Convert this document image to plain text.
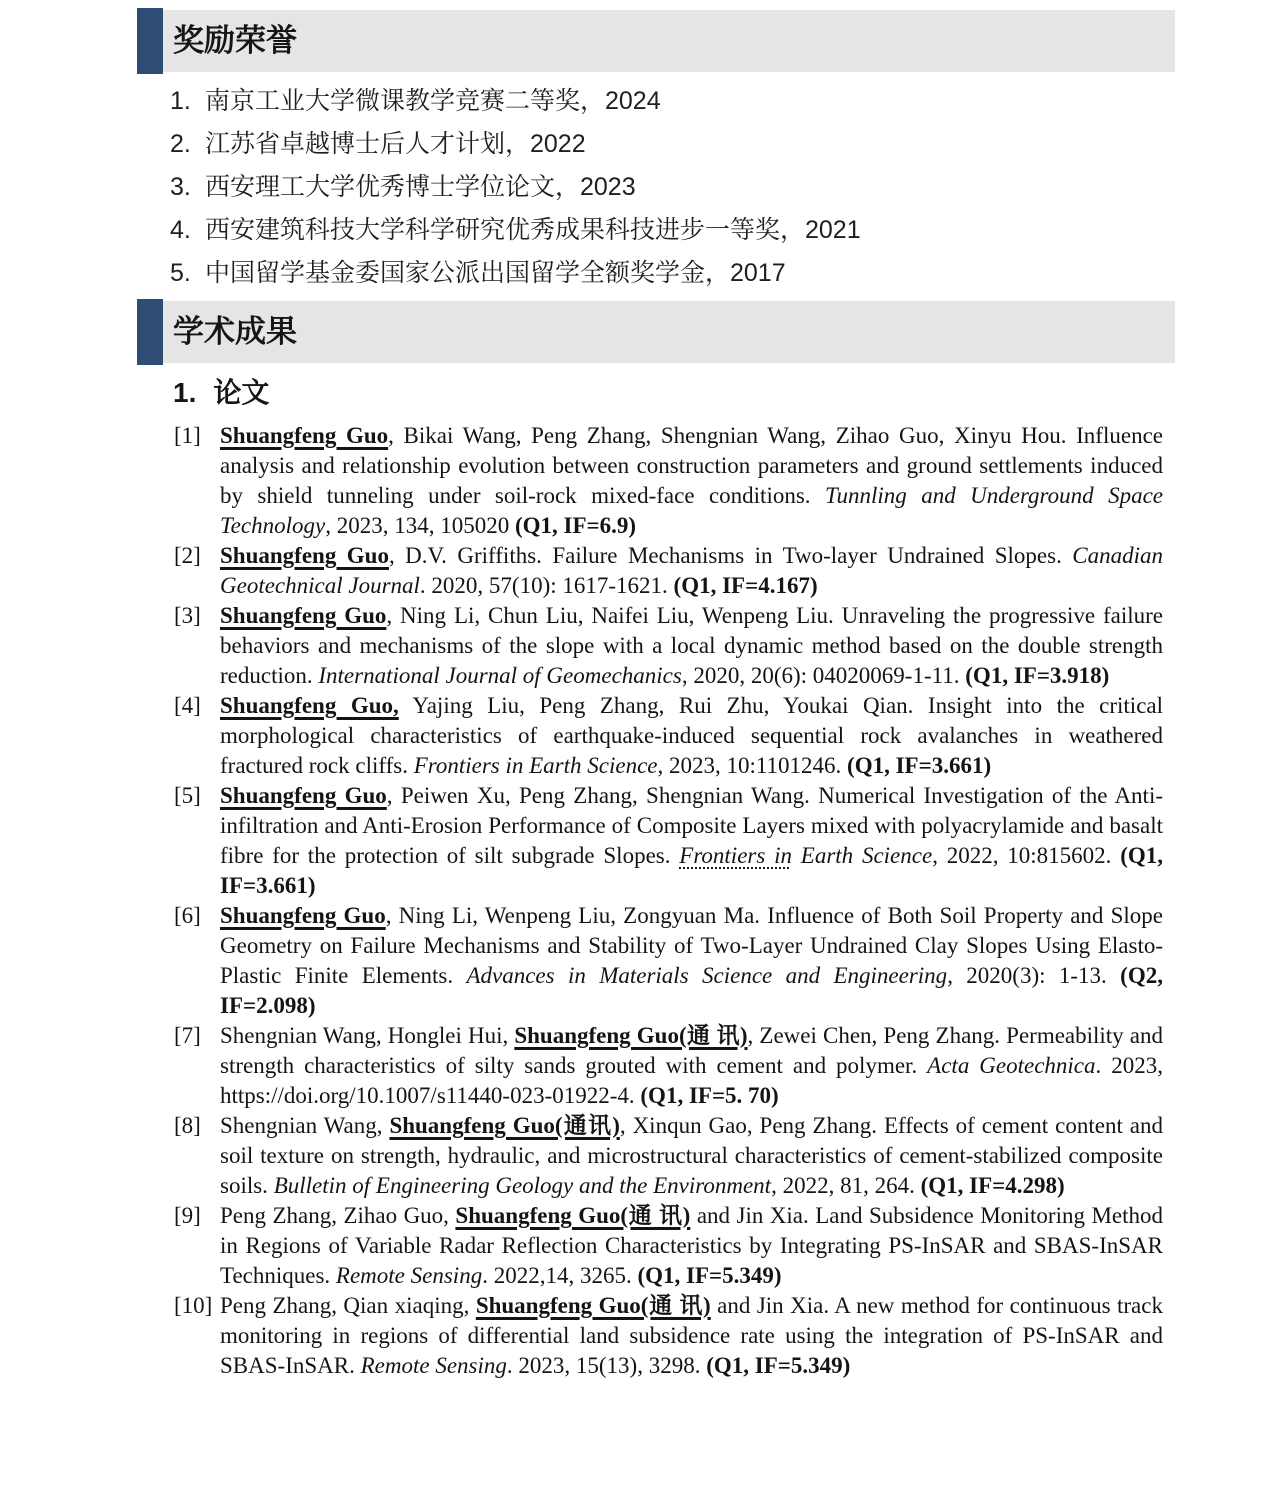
奖励荣誉
1. 南京工业大学微课教学竞赛二等奖，2024
2. 江苏省卓越博士后人才计划，2022
3. 西安理工大学优秀博士学位论文，2023
4. 西安建筑科技大学科学研究优秀成果科技进步一等奖，2021
5. 中国留学基金委国家公派出国留学全额奖学金，2017
学术成果
1. 论文
[1] Shuangfeng Guo, Bikai Wang, Peng Zhang, Shengnian Wang, Zihao Guo, Xinyu Hou. Influence analysis and relationship evolution between construction parameters and ground settlements induced by shield tunneling under soil-rock mixed-face conditions. Tunnling and Underground Space Technology, 2023, 134, 105020 (Q1, IF=6.9)
[2] Shuangfeng Guo, D.V. Griffiths. Failure Mechanisms in Two-layer Undrained Slopes. Canadian Geotechnical Journal. 2020, 57(10): 1617-1621. (Q1, IF=4.167)
[3] Shuangfeng Guo, Ning Li, Chun Liu, Naifei Liu, Wenpeng Liu. Unraveling the progressive failure behaviors and mechanisms of the slope with a local dynamic method based on the double strength reduction. International Journal of Geomechanics, 2020, 20(6): 04020069-1-11. (Q1, IF=3.918)
[4] Shuangfeng Guo, Yajing Liu, Peng Zhang, Rui Zhu, Youkai Qian. Insight into the critical morphological characteristics of earthquake-induced sequential rock avalanches in weathered fractured rock cliffs. Frontiers in Earth Science, 2023, 10:1101246. (Q1, IF=3.661)
[5] Shuangfeng Guo, Peiwen Xu, Peng Zhang, Shengnian Wang. Numerical Investigation of the Anti-infiltration and Anti-Erosion Performance of Composite Layers mixed with polyacrylamide and basalt fibre for the protection of silt subgrade Slopes. Frontiers in Earth Science, 2022, 10:815602. (Q1, IF=3.661)
[6] Shuangfeng Guo, Ning Li, Wenpeng Liu, Zongyuan Ma. Influence of Both Soil Property and Slope Geometry on Failure Mechanisms and Stability of Two-Layer Undrained Clay Slopes Using Elasto-Plastic Finite Elements. Advances in Materials Science and Engineering, 2020(3): 1-13. (Q2, IF=2.098)
[7] Shengnian Wang, Honglei Hui, Shuangfeng Guo(通 讯), Zewei Chen, Peng Zhang. Permeability and strength characteristics of silty sands grouted with cement and polymer. Acta Geotechnica. 2023, https://doi.org/10.1007/s11440-023-01922-4. (Q1, IF=5. 70)
[8] Shengnian Wang, Shuangfeng Guo(通讯), Xinqun Gao, Peng Zhang. Effects of cement content and soil texture on strength, hydraulic, and microstructural characteristics of cement-stabilized composite soils. Bulletin of Engineering Geology and the Environment, 2022, 81, 264. (Q1, IF=4.298)
[9] Peng Zhang, Zihao Guo, Shuangfeng Guo(通 讯) and Jin Xia. Land Subsidence Monitoring Method in Regions of Variable Radar Reflection Characteristics by Integrating PS-InSAR and SBAS-InSAR Techniques. Remote Sensing. 2022,14, 3265. (Q1, IF=5.349)
[10] Peng Zhang, Qian xiaqing, Shuangfeng Guo(通 讯) and Jin Xia. A new method for continuous track monitoring in regions of differential land subsidence rate using the integration of PS-InSAR and SBAS-InSAR. Remote Sensing. 2023, 15(13), 3298. (Q1, IF=5.349)
